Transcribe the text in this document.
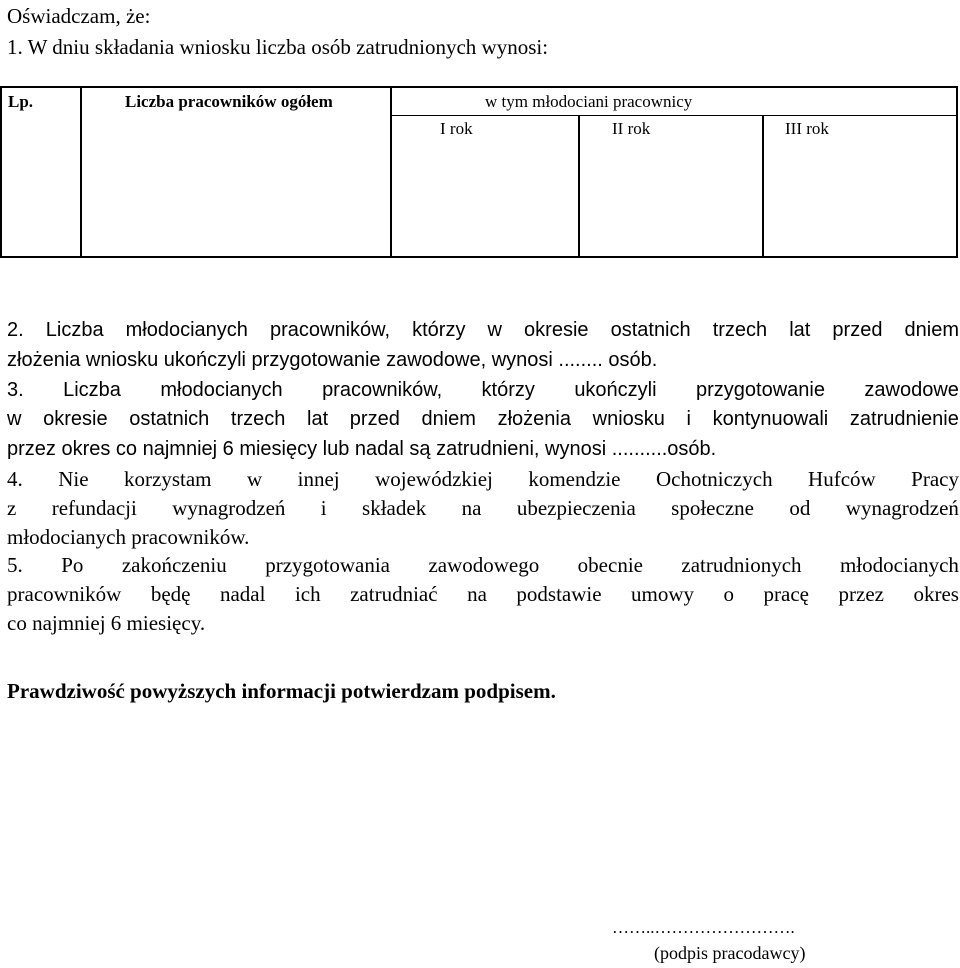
Oświadczam, że:
1. W dniu składania wniosku liczba osób zatrudnionych wynosi:
Lp.	Liczba pracowników ogółem	w tym młodociani pracownicy
I rok	II rok	III rok
2. Liczba młodocianych pracowników, którzy w okresie ostatnich trzech lat przed dniem
złożenia wniosku ukończyli przygotowanie zawodowe, wynosi ........ osób.
3. Liczba młodocianych pracowników, którzy ukończyli przygotowanie zawodowe
w okresie ostatnich trzech lat przed dniem złożenia wniosku i kontynuowali zatrudnienie
przez okres co najmniej 6 miesięcy lub nadal są zatrudnieni, wynosi ..........osób.
4. Nie korzystam w innej wojewódzkiej komendzie Ochotniczych Hufców Pracy
z refundacji wynagrodzeń i składek na ubezpieczenia społeczne od wynagrodzeń
młodocianych pracowników.
5. Po zakończeniu przygotowania zawodowego obecnie zatrudnionych młodocianych
pracowników będę nadal ich zatrudniać na podstawie umowy o pracę przez okres
co najmniej 6 miesięcy.
Prawdziwość powyższych informacji potwierdzam podpisem.
……..…………………….
(podpis pracodawcy)
